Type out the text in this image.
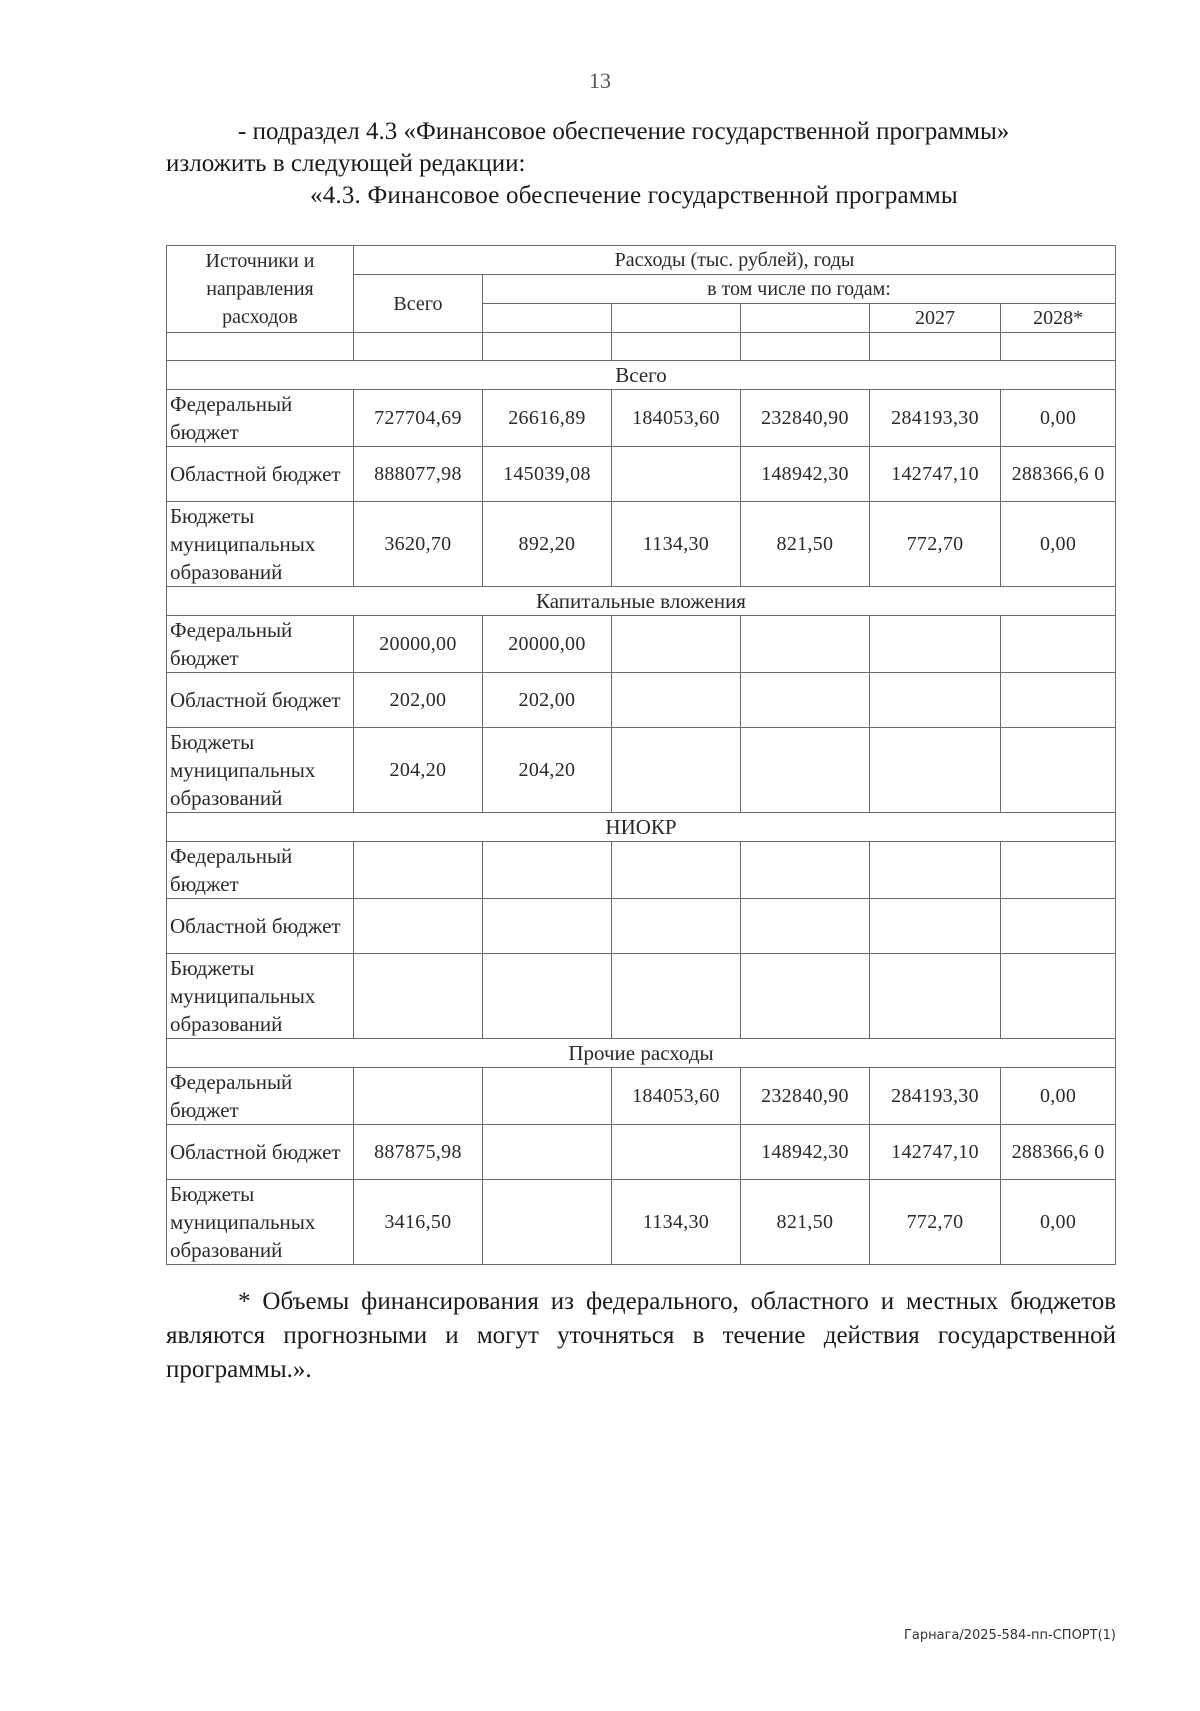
13
- подраздел 4.3 «Финансовое обеспечение государственной программы»
изложить в следующей редакции:
«4.3. Финансовое обеспечение государственной программы
Источники и направления расходов	Расходы (тыс. рублей), годы					
	Всего	в том числе по годам:				
					2027	2028*

Всего						
Федеральный бюджет	727704,69	26616,89	184053,60	232840,90	284193,30	0,00
Областной бюджет	888077,98	145039,08		148942,30	142747,10	288366,6 0
Бюджеты муниципальных образований	3620,70	892,20	1134,30	821,50	772,70	0,00
Капитальные вложения						
Федеральный бюджет	20000,00	20000,00				
Областной бюджет	202,00	202,00				
Бюджеты муниципальных образований	204,20	204,20				
НИОКР						
Федеральный бюджет						
Областной бюджет						
Бюджеты муниципальных образований						
Прочие расходы						
Федеральный бюджет			184053,60	232840,90	284193,30	0,00
Областной бюджет	887875,98			148942,30	142747,10	288366,6 0
Бюджеты муниципальных образований	3416,50		1134,30	821,50	772,70	0,00
* Объемы финансирования из федерального, областного и местных бюджетов являются прогнозными и могут уточняться в течение действия государственной программы.».
Гарнага/2025-584-пп-СПОРТ(1)
